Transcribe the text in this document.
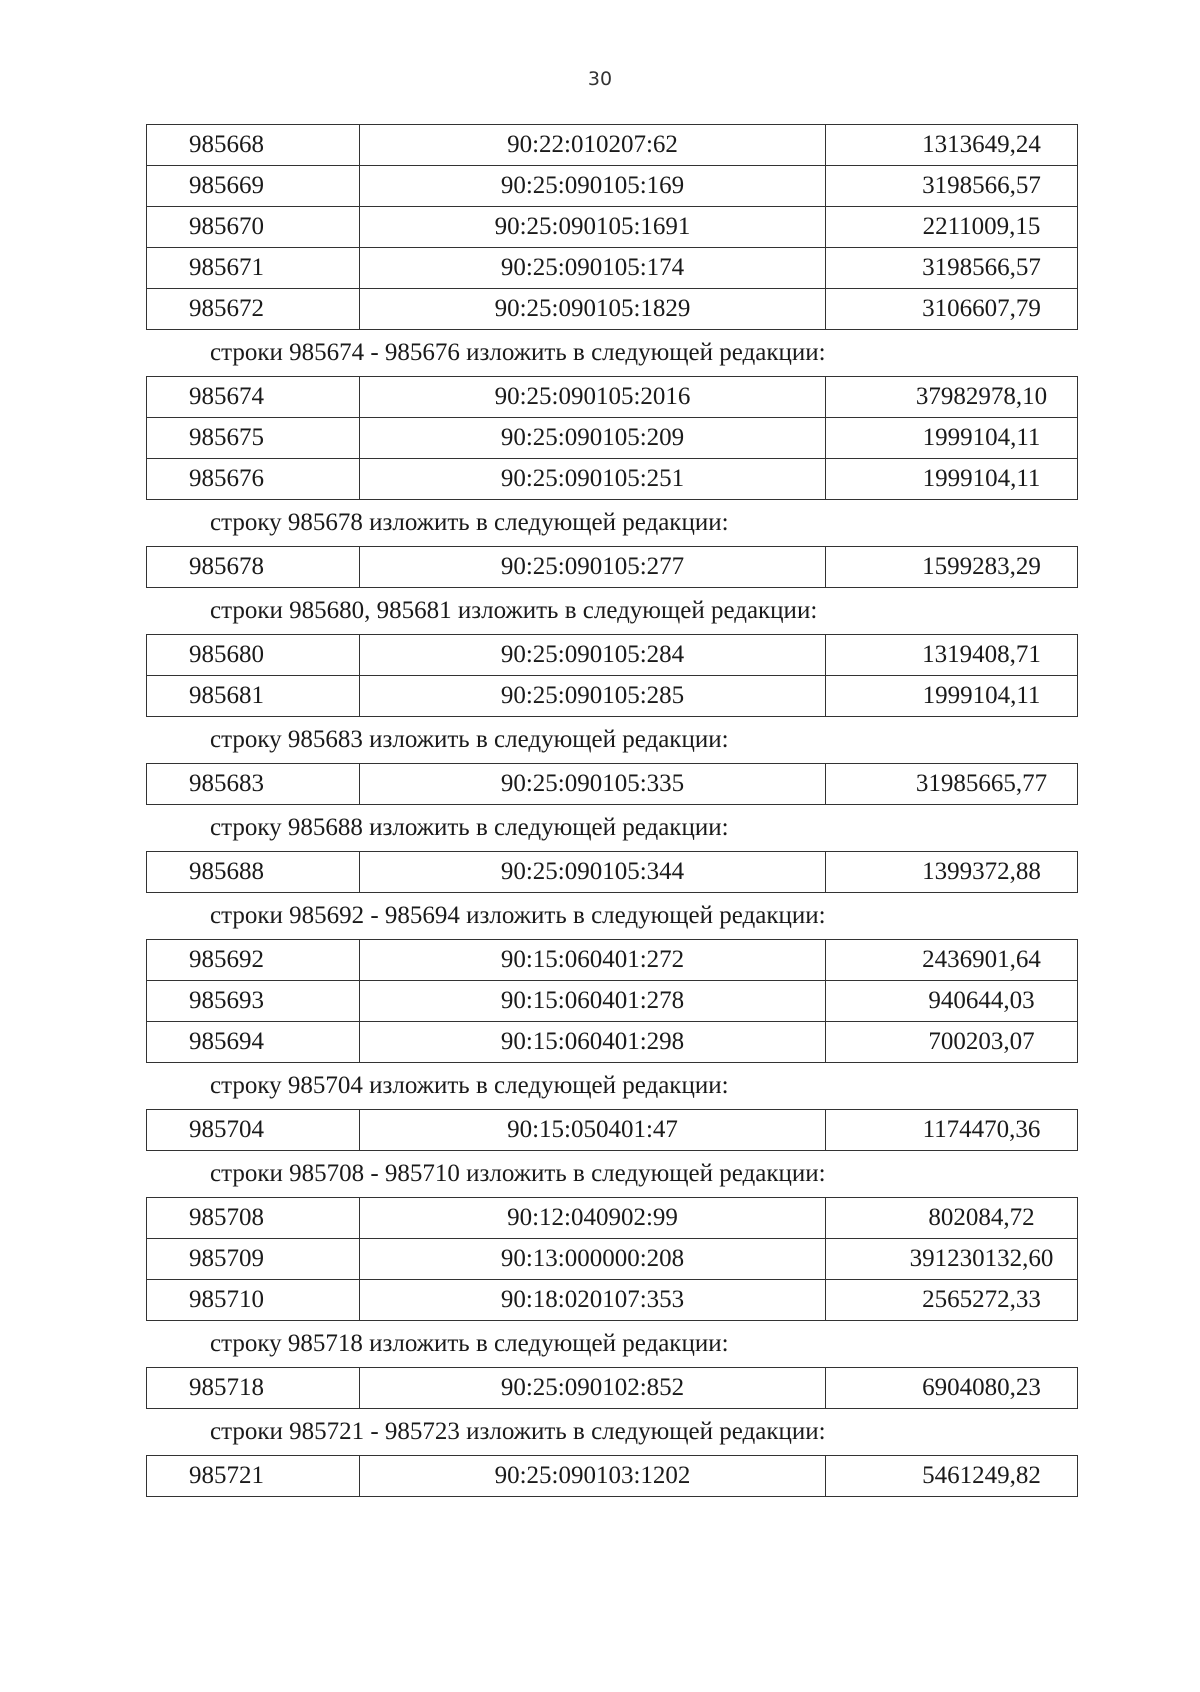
30
985668	90:22:010207:62	1313649,24
985669	90:25:090105:169	3198566,57
985670	90:25:090105:1691	2211009,15
985671	90:25:090105:174	3198566,57
985672	90:25:090105:1829	3106607,79
строки 985674 - 985676 изложить в следующей редакции:
985674	90:25:090105:2016	37982978,10
985675	90:25:090105:209	1999104,11
985676	90:25:090105:251	1999104,11
строку 985678 изложить в следующей редакции:
985678	90:25:090105:277	1599283,29
строки 985680, 985681 изложить в следующей редакции:
985680	90:25:090105:284	1319408,71
985681	90:25:090105:285	1999104,11
строку 985683 изложить в следующей редакции:
985683	90:25:090105:335	31985665,77
строку 985688 изложить в следующей редакции:
985688	90:25:090105:344	1399372,88
строки 985692 - 985694 изложить в следующей редакции:
985692	90:15:060401:272	2436901,64
985693	90:15:060401:278	940644,03
985694	90:15:060401:298	700203,07
строку 985704 изложить в следующей редакции:
985704	90:15:050401:47	1174470,36
строки 985708 - 985710 изложить в следующей редакции:
985708	90:12:040902:99	802084,72
985709	90:13:000000:208	391230132,60
985710	90:18:020107:353	2565272,33
строку 985718 изложить в следующей редакции:
985718	90:25:090102:852	6904080,23
строки 985721 - 985723 изложить в следующей редакции:
985721	90:25:090103:1202	5461249,82
